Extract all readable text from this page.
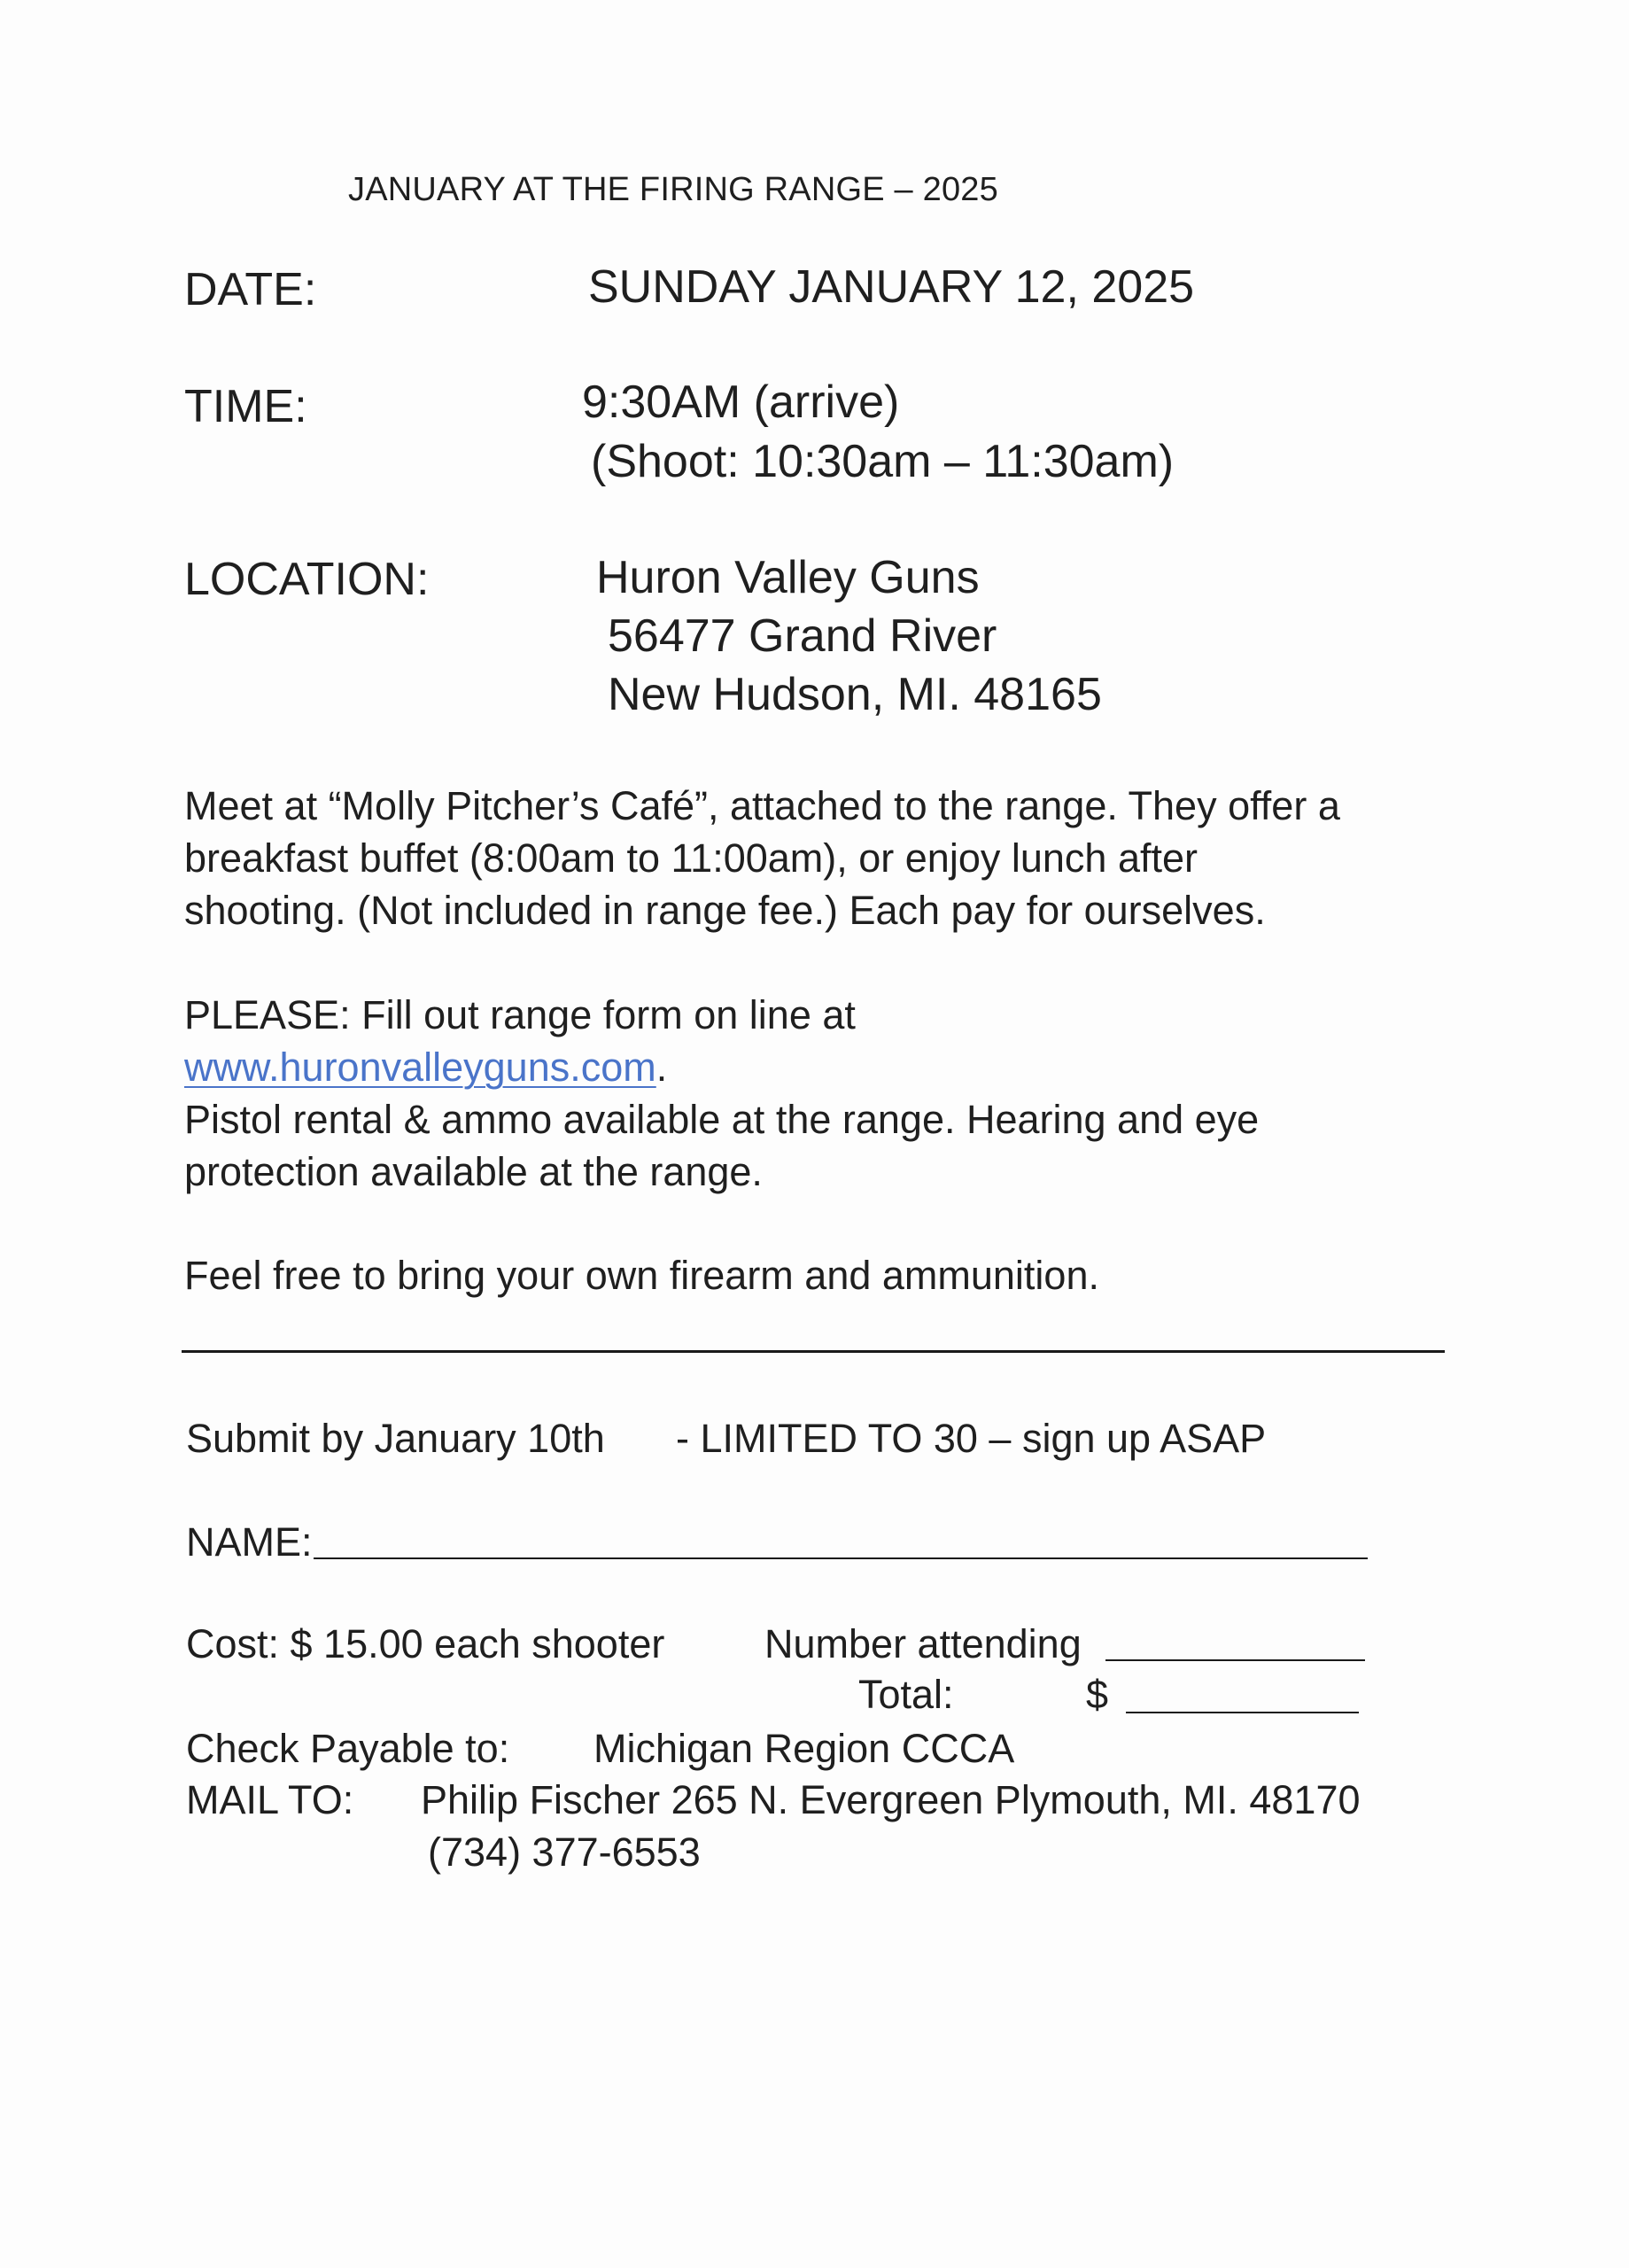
JANUARY AT THE FIRING RANGE – 2025
DATE:	SUNDAY JANUARY 12, 2025
TIME:	9:30AM (arrive)
(Shoot: 10:30am – 11:30am)
LOCATION:	Huron Valley Guns
56477 Grand River
New Hudson, MI. 48165
Meet at “Molly Pitcher’s Café”, attached to the range. They offer a
breakfast buffet (8:00am to 11:00am), or enjoy lunch after
shooting. (Not included in range fee.) Each pay for ourselves.
PLEASE: Fill out range form on line at
www.huronvalleyguns.com.
Pistol rental & ammo available at the range. Hearing and eye
protection available at the range.
Feel free to bring your own firearm and ammunition.
Submit by January 10th - LIMITED TO 30 – sign up ASAP
NAME:
Cost: $ 15.00 each shooter	Number attending
Total:	$
Check Payable to: Michigan Region CCCA
MAIL TO: Philip Fischer 265 N. Evergreen Plymouth, MI. 48170
(734) 377-6553
